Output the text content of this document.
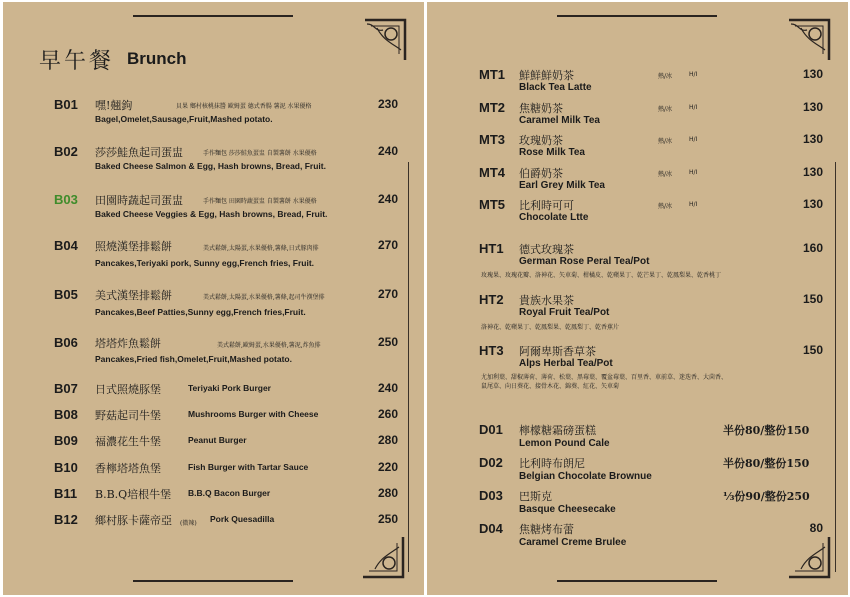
早午餐 Brunch
B01 嘿!翹鉤	貝果 鄉村核桃抹醬 歐姆蛋 德式香腸 薯泥 水果優格	230
Bagel,Omelet,Sausage,Fruit,Mashed potato.
B02 莎莎鮭魚起司蛋盅	手作麵包 莎莎鮭魚蛋盅 自製薯餅 水果優格	240
Baked Cheese Salmon & Egg, Hash browns, Bread, Fruit.
B03 田園時蔬起司蛋盅	手作麵包 田園時蔬蛋盅 自製薯餅 水果優格	240
Baked Cheese Veggies & Egg, Hash browns, Bread, Fruit.
B04 照燒漢堡排鬆餅	美式鬆餅,太陽蛋,水果優格,薯條,日式豚肉排	270
Pancakes,Teriyaki pork, Sunny egg,French fries, Fruit.
B05 美式漢堡排鬆餅	美式鬆餅,太陽蛋,水果優格,薯條,起司牛漢堡排	270
Pancakes,Beef Patties,Sunny egg,French fries,Fruit.
B06 塔塔炸魚鬆餅	美式鬆餅,歐姆蛋,水果優格,薯泥,炸魚排	250
Pancakes,Fried fish,Omelet,Fruit,Mashed potato.
B07 日式照燒豚堡	Teriyaki Pork Burger	240
B08 野菇起司牛堡	Mushrooms Burger with Cheese	260
B09 福濃花生牛堡	Peanut Burger	280
B10 香檸塔塔魚堡	Fish Burger with Tartar Sauce	220
B11 B.B.Q培根牛堡 B.B.Q Bacon Burger	280
B12 鄉村豚卡薩帝亞 (微辣) Pork Quesadilla	250
MT1 鮮鮮鮮奶茶	熱/冰	H/I	130
Black Tea Latte
MT2 焦糖奶茶	熱/冰	H/I	130
Caramel Milk Tea
MT3 玫瑰奶茶	熱/冰	H/I	130
Rose Milk Tea
MT4 伯爵奶茶	熱/冰	H/I	130
Earl Grey Milk Tea
MT5 比利時可可	熱/冰	H/I	130
Chocolate Ltte
HT1 德式玫瑰茶	160
German Rose Peral Tea/Pot
玫瑰果、玫瑰花瓣、洛神花、矢車菊、柑橘皮、乾蘋果丁、乾芒果丁、乾鳳梨果、乾香桃丁
HT2 貴族水果茶	150
Royal Fruit Tea/Pot
洛神花、乾蘋果丁、乾鳳梨果、乾鳳梨丁、乾香蕉片
HT3 阿爾卑斯香草茶	150
Alps Herbal Tea/Pot
尤加利葉、甜椒薄荷、薄荷、松葉、黑莓葉、覆盆莓葉、百里香、車前草、迷迭香、大茴香、
鼠尾草、向日葵花、接骨木花、錦葵、紅花、矢車菊
D01 檸檬糖霜磅蛋糕	半份80/整份150
Lemon Pound Cale
D02 比利時布朗尼	半份80/整份150
Belgian Chocolate Brownue
D03 巴斯克	⅓份90/整份250
Basque Cheesecake
D04 焦糖烤布蕾	80
Caramel Creme Brulee
